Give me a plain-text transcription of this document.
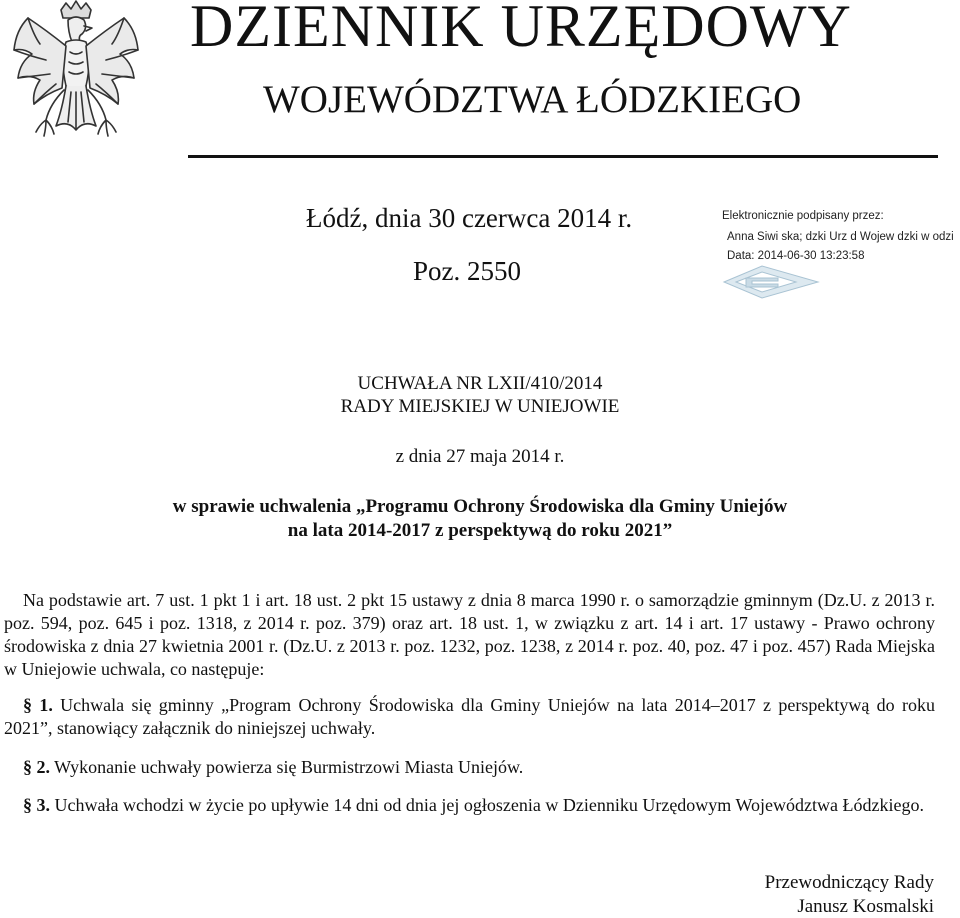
DZIENNIK URZĘDOWY
WOJEWÓDZTWA ŁÓDZKIEGO
Łódź, dnia 30 czerwca 2014 r.
Poz. 2550
Elektronicznie podpisany przez:
Anna Siwi ska; dzki Urz d Wojew dzki w odzi
Data: 2014-06-30 13:23:58
UCHWAŁA NR LXII/410/2014
RADY MIEJSKIEJ W UNIEJOWIE
z dnia 27 maja 2014 r.
w sprawie uchwalenia „Programu Ochrony Środowiska dla Gminy Uniejów
na lata 2014-2017 z perspektywą do roku 2021”
Na podstawie art. 7 ust. 1 pkt 1 i art. 18 ust. 2 pkt 15 ustawy z dnia 8 marca 1990 r. o samorządzie gminnym (Dz.U. z 2013 r. poz. 594, poz. 645 i poz. 1318, z 2014 r. poz. 379) oraz art. 18 ust. 1, w związku z art. 14 i art. 17 ustawy - Prawo ochrony środowiska z dnia 27 kwietnia 2001 r. (Dz.U. z 2013 r. poz. 1232, poz. 1238, z 2014 r. poz. 40, poz. 47 i poz. 457) Rada Miejska w Uniejowie uchwala, co następuje:
§ 1. Uchwala się gminny „Program Ochrony Środowiska dla Gminy Uniejów na lata 2014–2017 z perspektywą do roku 2021”, stanowiący załącznik do niniejszej uchwały.
§ 2. Wykonanie uchwały powierza się Burmistrzowi Miasta Uniejów.
§ 3. Uchwała wchodzi w życie po upływie 14 dni od dnia jej ogłoszenia w Dzienniku Urzędowym Województwa Łódzkiego.
Przewodniczący Rady
Janusz Kosmalski
